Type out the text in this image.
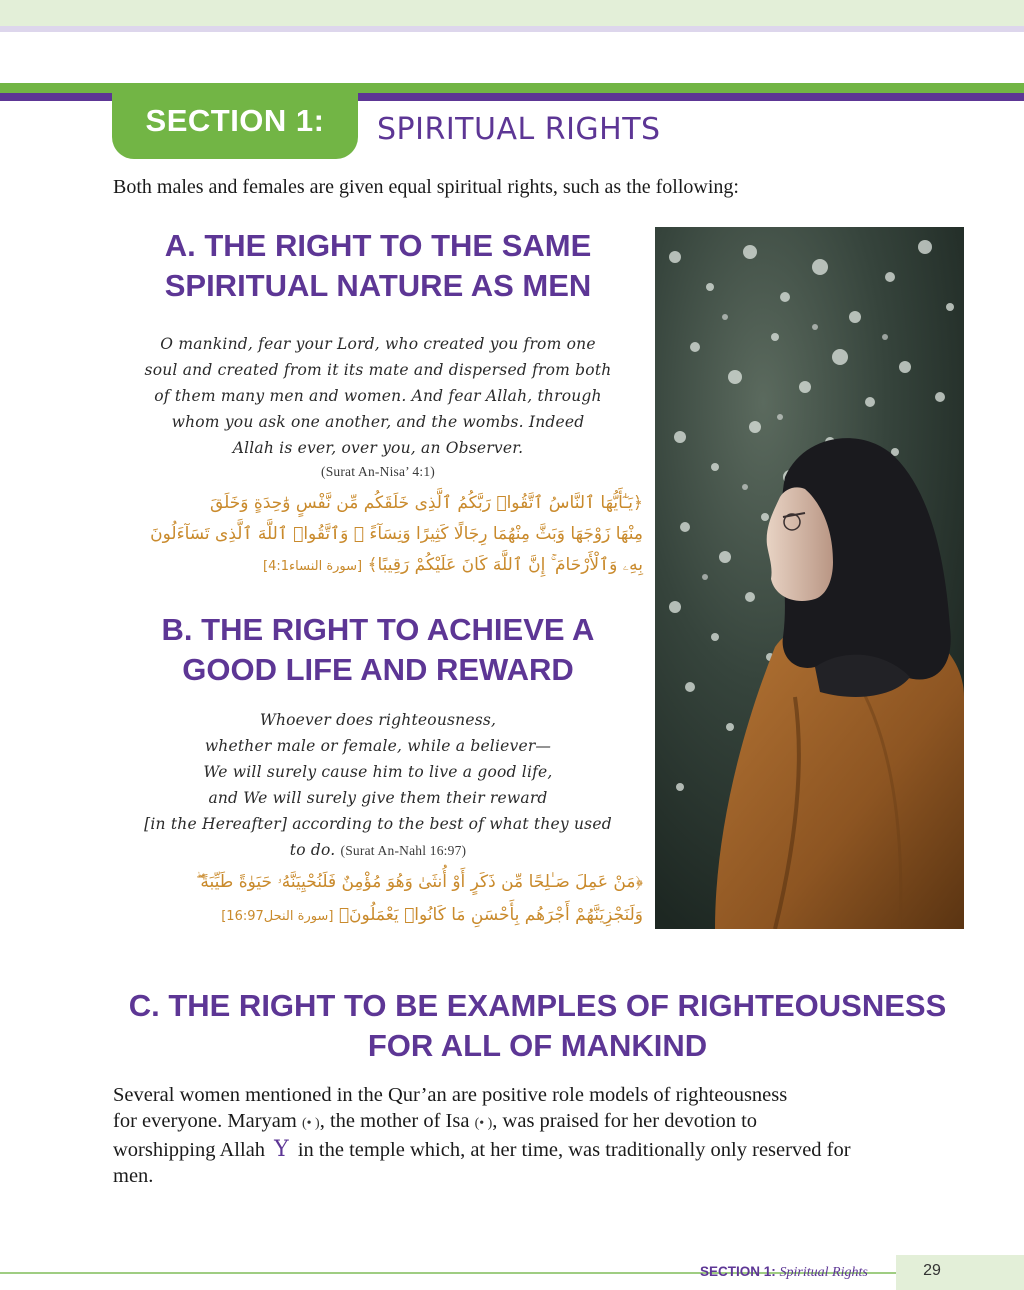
SECTION 1:	SPIRITUAL RIGHTS

Both males and females are given equal spiritual rights, such as the following:

A. THE RIGHT TO THE SAME
SPIRITUAL NATURE AS MEN
O mankind, fear your Lord, who created you from one
soul and created from it its mate and dispersed from both
of them many men and women. And fear Allah, through
whom you ask one another, and the wombs. Indeed
Allah is ever, over you, an Observer.
(Surat An-Nisa’ 4:1)
﴿يَـٰٓأَيُّهَا ٱلنَّاسُ ٱتَّقُوا۟ رَبَّكُمُ ٱلَّذِى خَلَقَكُم مِّن نَّفْسٍ وَٰحِدَةٍ وَخَلَقَ
مِنْهَا زَوْجَهَا وَبَثَّ مِنْهُمَا رِجَالًا كَثِيرًا وَنِسَآءً ۚ وَٱتَّقُوا۟ ٱللَّهَ ٱلَّذِى تَسَآءَلُونَ
بِهِۦ وَٱلْأَرْحَامَ ۚ إِنَّ ٱللَّهَ كَانَ عَلَيْكُمْ رَقِيبًا﴾ [سورة النساء4:1]
B. THE RIGHT TO ACHIEVE A
GOOD LIFE AND REWARD
Whoever does righteousness,
whether male or female, while a believer—
We will surely cause him to live a good life,
and We will surely give them their reward
[in the Hereafter] according to the best of what they used
to do. (Surat An-Nahl 16:97)
﴿مَنْ عَمِلَ صَـٰلِحًا مِّن ذَكَرٍ أَوْ أُنثَىٰ وَهُوَ مُؤْمِنٌ فَلَنُحْيِيَنَّهُۥ حَيَوٰةً طَيِّبَةً ۖ
وَلَنَجْزِيَنَّهُمْ أَجْرَهُم بِأَحْسَنِ مَا كَانُوا۟ يَعْمَلُونَ﴾ [سورة النحل16:97]
C. THE RIGHT TO BE EXAMPLES OF RIGHTEOUSNESS
FOR ALL OF MANKIND
Several women mentioned in the Qur’an are positive role models of righteousness
for everyone. Maryam (• ), the mother of Isa (• ), was praised for her devotion to
worshipping Allah Y in the temple which, at her time, was traditionally only reserved for
men.
SECTION 1: Spiritual Rights	29
